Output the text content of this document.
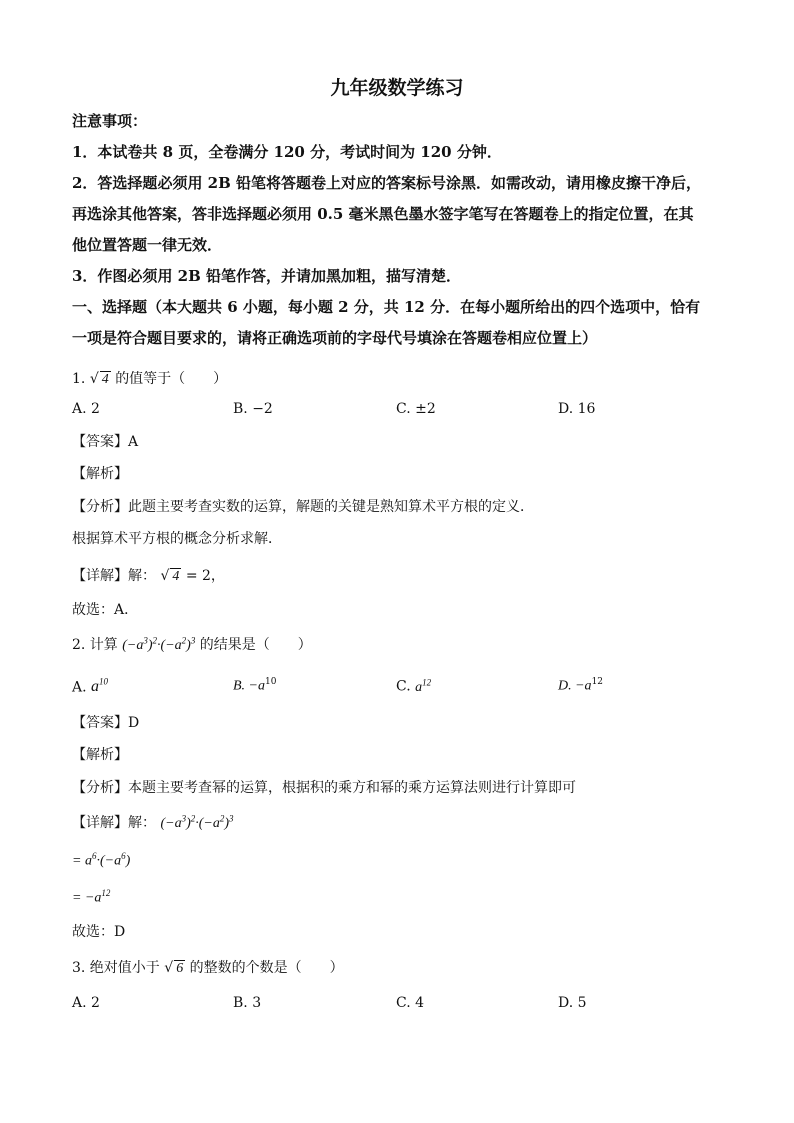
九年级数学练习
注意事项：
1．本试卷共 8 页，全卷满分 120 分，考试时间为 120 分钟．
2．答选择题必须用 2B 铅笔将答题卷上对应的答案标号涂黑．如需改动，请用橡皮擦干净后，
再选涂其他答案，答非选择题必须用 0.5 毫米黑色墨水签字笔写在答题卷上的指定位置，在其
他位置答题一律无效．
3．作图必须用 2B 铅笔作答，并请加黑加粗，描写清楚．
一、选择题（本大题共 6 小题，每小题 2 分，共 12 分．在每小题所给出的四个选项中，恰有
一项是符合题目要求的，请将正确选项前的字母代号填涂在答题卷相应位置上）
1. √ 4 的值等于（　　）
A. 2	B. −2	C. ±2	D. 16
【答案】A
【解析】
【分析】此题主要考查实数的运算，解题的关键是熟知算术平方根的定义．
根据算术平方根的概念分析求解．
【详解】解： √ 4 = 2，
故选：A．
2. 计算 $(-a^3)^2\cdot(-a^2)^3$ 的结果是（　　）
A. $a^{10}$	B. $-a^{10}$	C. $a^{12}$	D. $-a^{12}$
【答案】D
【解析】
【分析】本题主要考查幂的运算，根据积的乘方和幂的乘方运算法则进行计算即可
【详解】解： $(-a^3)^2\cdot(-a^2)^3$
= $a^6\cdot(-a^6)$
= $-a^{12}$
故选：D
3. 绝对值小于 √ 6 的整数的个数是（　　）
A. 2	B. 3	C. 4	D. 5
